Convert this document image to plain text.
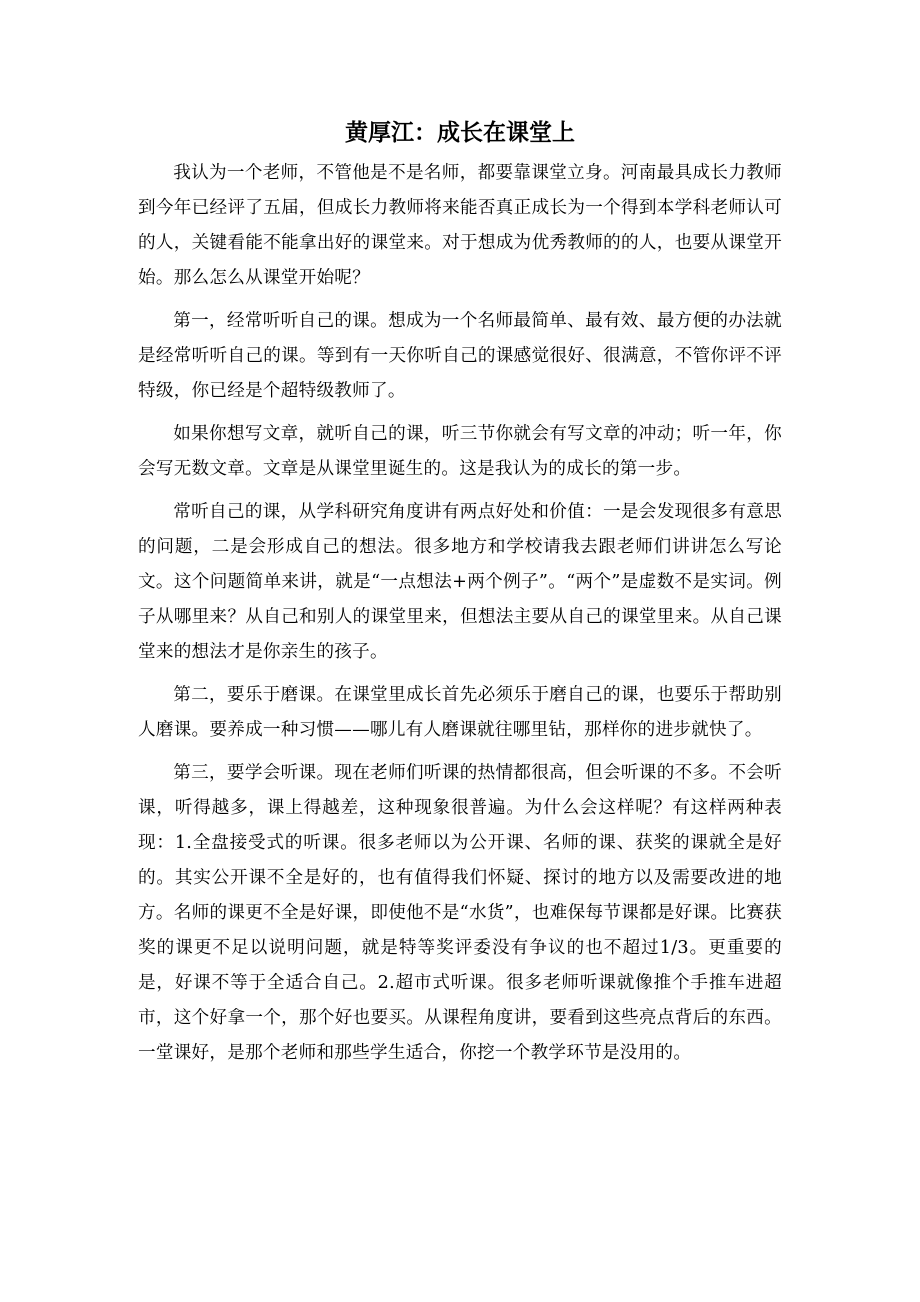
黄厚江：成长在课堂上

我认为一个老师，不管他是不是名师，都要靠课堂立身。河南最具成长力教师到今年已经评了五届，但成长力教师将来能否真正成长为一个得到本学科老师认可的人，关键看能不能拿出好的课堂来。对于想成为优秀教师的的人，也要从课堂开始。那么怎么从课堂开始呢？

第一，经常听听自己的课。想成为一个名师最简单、最有效、最方便的办法就是经常听听自己的课。等到有一天你听自己的课感觉很好、很满意，不管你评不评特级，你已经是个超特级教师了。

如果你想写文章，就听自己的课，听三节你就会有写文章的冲动；听一年，你会写无数文章。文章是从课堂里诞生的。这是我认为的成长的第一步。

常听自己的课，从学科研究角度讲有两点好处和价值：一是会发现很多有意思的问题，二是会形成自己的想法。很多地方和学校请我去跟老师们讲讲怎么写论文。这个问题简单来讲，就是“一点想法+两个例子”。“两个”是虚数不是实词。例子从哪里来？从自己和别人的课堂里来，但想法主要从自己的课堂里来。从自己课堂来的想法才是你亲生的孩子。

第二，要乐于磨课。在课堂里成长首先必须乐于磨自己的课，也要乐于帮助别人磨课。要养成一种习惯——哪儿有人磨课就往哪里钻，那样你的进步就快了。

第三，要学会听课。现在老师们听课的热情都很高，但会听课的不多。不会听课，听得越多，课上得越差，这种现象很普遍。为什么会这样呢？有这样两种表现：1.全盘接受式的听课。很多老师以为公开课、名师的课、获奖的课就全是好的。其实公开课不全是好的，也有值得我们怀疑、探讨的地方以及需要改进的地方。名师的课更不全是好课，即使他不是“水货”，也难保每节课都是好课。比赛获奖的课更不足以说明问题，就是特等奖评委没有争议的也不超过1/3。更重要的是，好课不等于全适合自己。2.超市式听课。很多老师听课就像推个手推车进超市，这个好拿一个，那个好也要买。从课程角度讲，要看到这些亮点背后的东西。一堂课好，是那个老师和那些学生适合，你挖一个教学环节是没用的。
